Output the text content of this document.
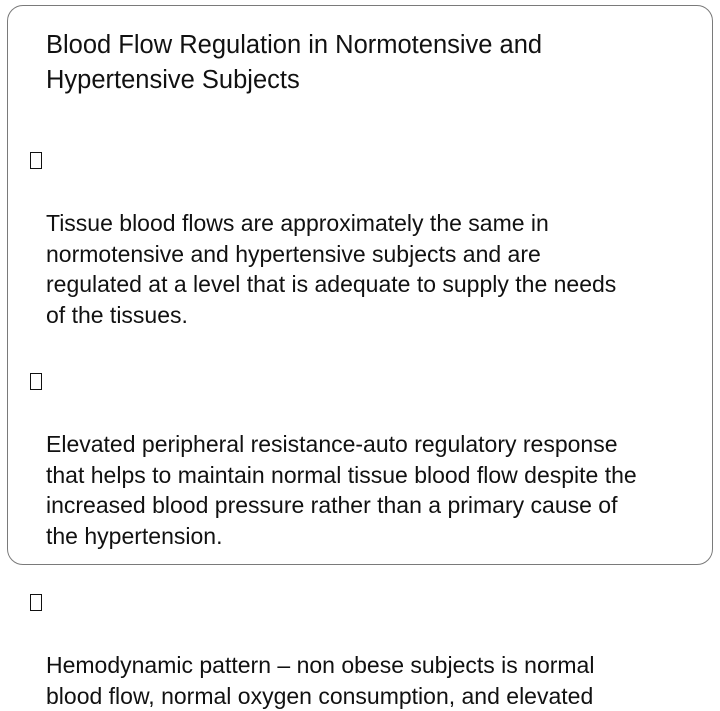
Blood Flow Regulation in Normotensive and
Hypertensive Subjects

Tissue blood flows are approximately the same in
normotensive and hypertensive subjects and are
regulated at a level that is adequate to supply the needs
of the tissues.

Elevated peripheral resistance-auto regulatory response
that helps to maintain normal tissue blood flow despite the
increased blood pressure rather than a primary cause of
the hypertension.

Hemodynamic pattern – non obese subjects is normal
blood flow, normal oxygen consumption, and elevated
